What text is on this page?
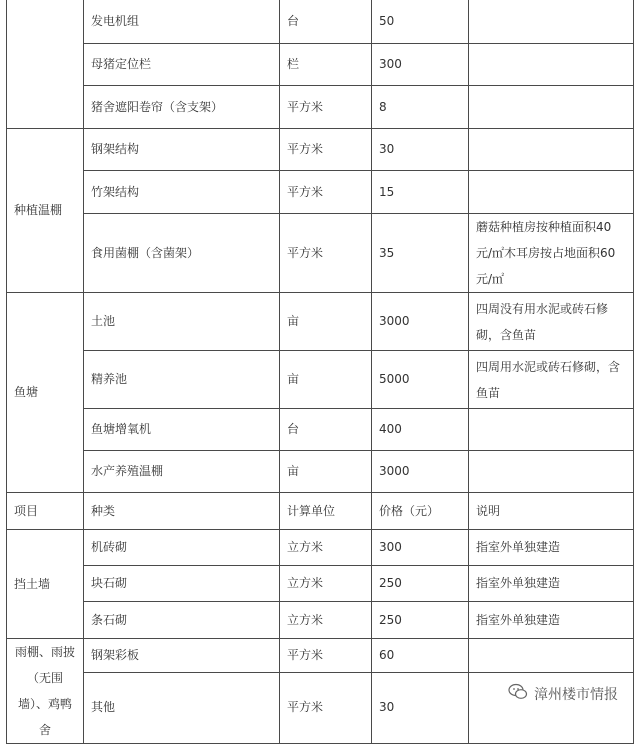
	发电机组	台	50	
	母猪定位栏	栏	300	
	猪舍遮阳卷帘（含支架）	平方米	8	
种植温棚	钢架结构	平方米	30	
	竹架结构	平方米	15	
	食用菌棚（含菌架）	平方米	35	蘑菇种植房按种植面积40元/㎡木耳房按占地面积60元/㎡
鱼塘	土池	亩	3000	四周没有用水泥或砖石修砌，含鱼苗
	精养池	亩	5000	四周用水泥或砖石修砌，含鱼苗
	鱼塘增氧机	台	400	
	水产养殖温棚	亩	3000	
项目	种类	计算单位	价格（元）	说明
挡土墙	机砖砌	立方米	300	指室外单独建造
	块石砌	立方米	250	指室外单独建造
	条石砌	立方米	250	指室外单独建造
雨棚、雨披（无围墙）、鸡鸭舍	钢架彩板	平方米	60	
	其他	平方米	30	
漳州楼市情报
